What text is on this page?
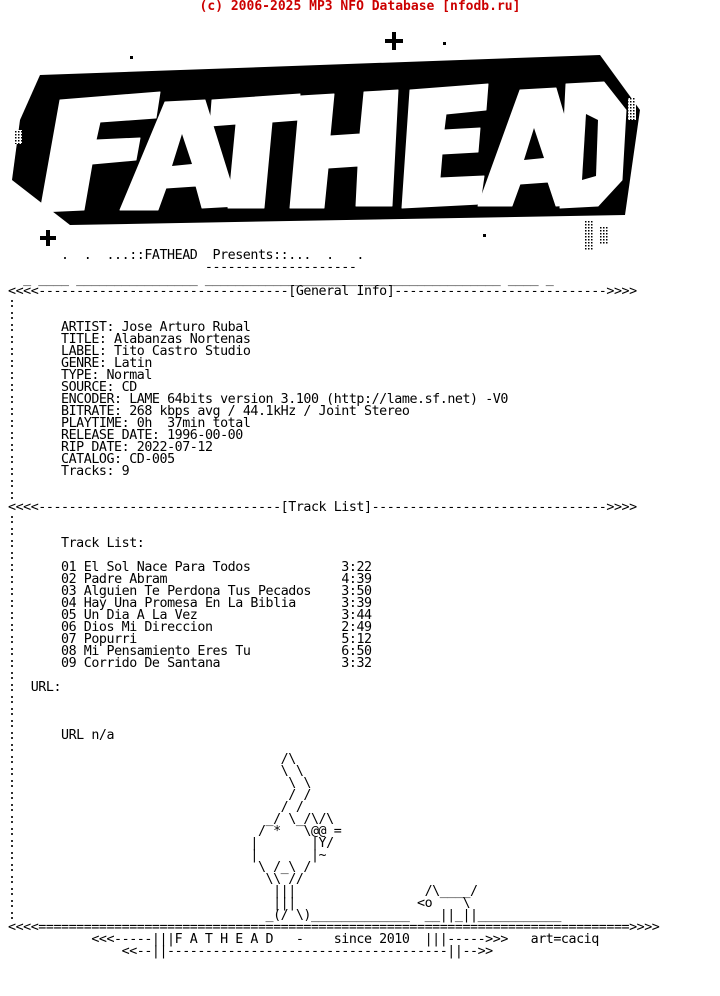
(c) 2006-2025 MP3 NFO Database [nfodb.ru]
.  .  ...::FATHEAD  Presents::...  .   .
--------------------
_ ____ ________________ ____________________ __________________ ____ _
<<<<---------------------------------[General Info]---------------------------->>>>
:
:
:	ARTIST: Jose Arturo Rubal
:	TITLE: Alabanzas Nortenas
:	LABEL: Tito Castro Studio
:	GENRE: Latin
:	TYPE: Normal
:	SOURCE: CD
:	ENCODER: LAME 64bits version 3.100 (http://lame.sf.net) -V0
:	BITRATE: 268 kbps avg / 44.1kHz / Joint Stereo
:	PLAYTIME: 0h  37min total
:	RELEASE DATE: 1996-00-00
:	RIP DATE: 2022-07-12
:	CATALOG: CD-005
:	Tracks: 9
:
:
<<<<--------------------------------[Track List]------------------------------->>>>
:
:
:	Track List:
:
:      01 El Sol Nace Para Todos	3:22
:      02 Padre Abram	4:39
:      03 Alguien Te Perdona Tus Pecados 3:50
:      04 Hay Una Promesa En La Biblia	3:39
:      05 Un Dia A La Vez	3:44
:      06 Dios Mi Direccion	2:49
:      07 Popurri	5:12
:      08 Mi Pensamiento Eres Tu	6:50
:      09 Corrido De Santana	3:32
:
:  URL:
:
:
:
:	URL n/a
:
:                                   /\
:                                   \ \
:                                    \ \
:                                    / /
:                                   / /
:                                 _/ \_/\/\
:                                / *   \@@ =
:                               |       |Y/
:                               |       |~
:                                \ /_\ /
:                                 \\ //
:                                  |||                 /\____/
:                                  |||                <o    \
:                                 _(/ \)_____________  __||_||___________
<<<<==============================================================================>>>>
<<<-----|||F A T H E A D   -    since 2010  |||----->>>   art=caciq
<<--||-------------------------------------||-->>
